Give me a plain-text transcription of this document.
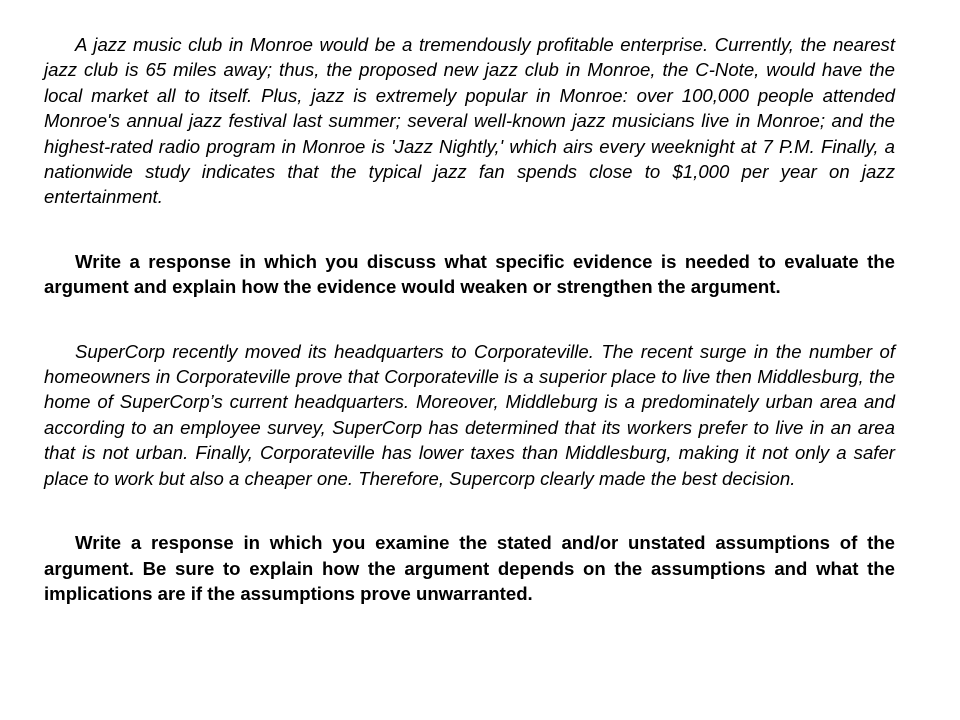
A jazz music club in Monroe would be a tremendously profitable enterprise. Currently, the nearest jazz club is 65 miles away; thus, the proposed new jazz club in Monroe, the C-Note, would have the local market all to itself. Plus, jazz is extremely popular in Monroe: over 100,000 people attended Monroe's annual jazz festival last summer; several well-known jazz musicians live in Monroe; and the highest-rated radio program in Monroe is 'Jazz Nightly,' which airs every weeknight at 7 P.M. Finally, a nationwide study indicates that the typical jazz fan spends close to $1,000 per year on jazz entertainment.

Write a response in which you discuss what specific evidence is needed to evaluate the argument and explain how the evidence would weaken or strengthen the argument.

SuperCorp recently moved its headquarters to Corporateville. The recent surge in the number of homeowners in Corporateville prove that Corporateville is a superior place to live then Middlesburg, the home of SuperCorp’s current headquarters. Moreover, Middleburg is a predominately urban area and according to an employee survey, SuperCorp has determined that its workers prefer to live in an area that is not urban. Finally, Corporateville has lower taxes than Middlesburg, making it not only a safer place to work but also a cheaper one. Therefore, Supercorp clearly made the best decision.

Write a response in which you examine the stated and/or unstated assumptions of the argument. Be sure to explain how the argument depends on the assumptions and what the implications are if the assumptions prove unwarranted.
